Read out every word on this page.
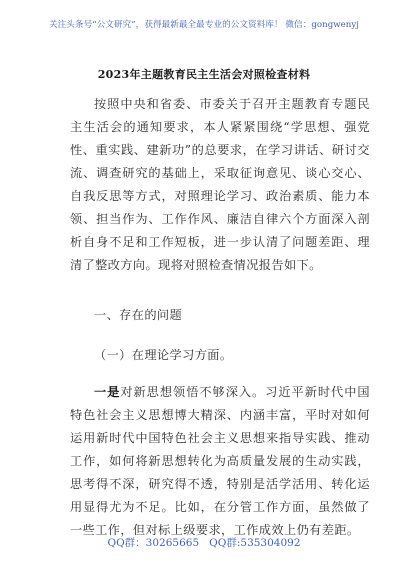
关注头条号“公文研究”，获得最新最全最专业的公文资料库！ 微信：gongwenyj
2023年主题教育民主生活会对照检查材料

按照中央和省委、市委关于召开主题教育专题民主生活会的通知要求，本人紧紧围绕“学思想、强党性、重实践、建新功”的总要求，在学习讲话、研讨交流、调查研究的基础上，采取征询意见、谈心交心、自我反思等方式，对照理论学习、政治素质、能力本领、担当作为、工作作风、廉洁自律六个方面深入剖析自身不足和工作短板，进一步认清了问题差距、理清了整改方向。现将对照检查情况报告如下。

一、存在的问题
（一）在理论学习方面。

一是对新思想领悟不够深入。习近平新时代中国特色社会主义思想博大精深、内涵丰富，平时对如何运用新时代中国特色社会主义思想来指导实践、推动工作，如何将新思想转化为高质量发展的生动实践，思考得不深，研究得不透，特别是活学活用、转化运用显得尤为不足。比如，在分管工作方面，虽然做了一些工作，但对标上级要求，工作成效上仍有差距。

QQ群：30265665 QQ群:535304092
